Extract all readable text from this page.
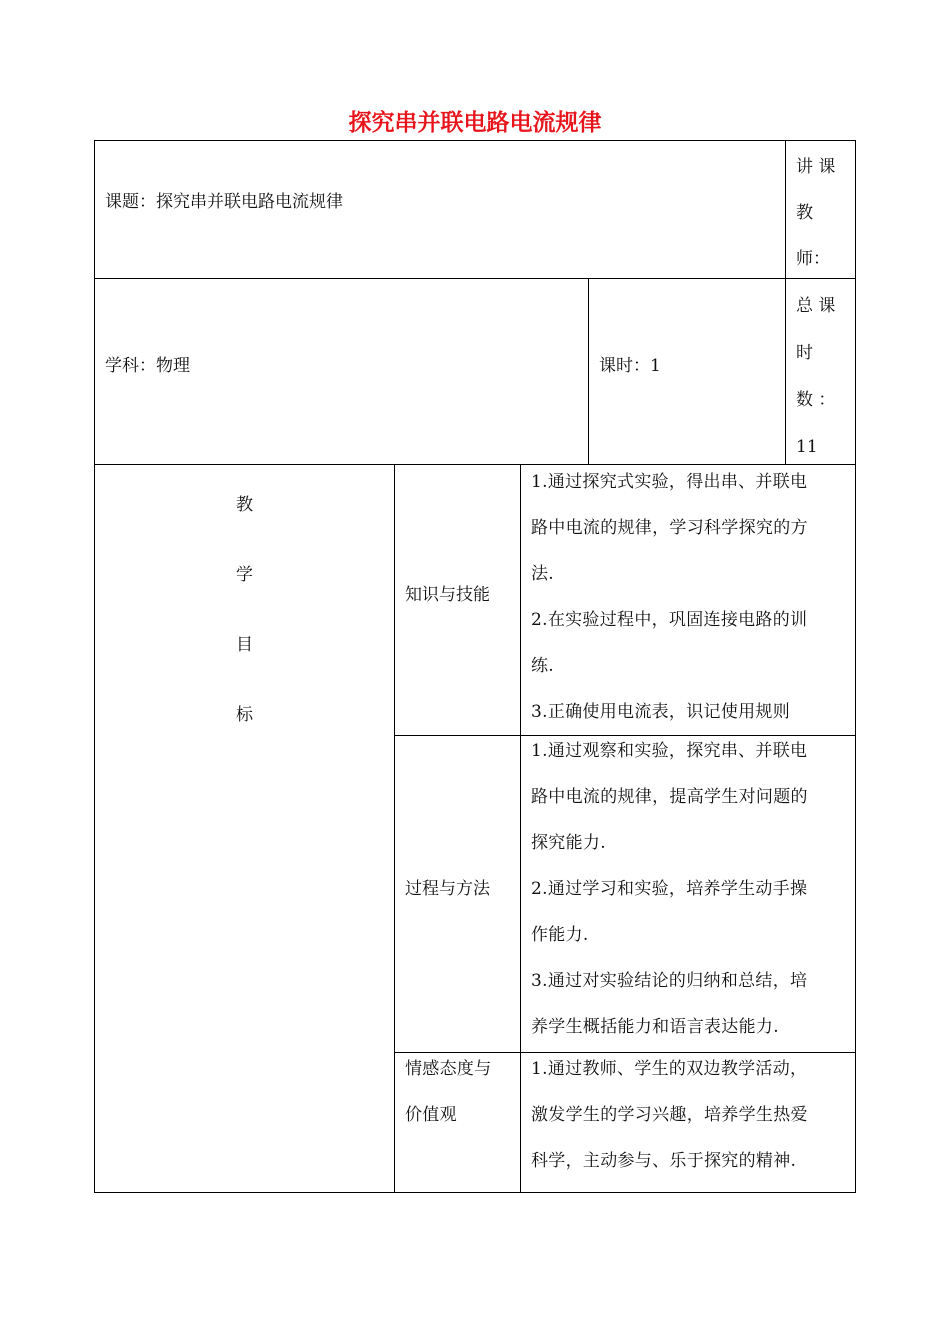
探究串并联电路电流规律
课题：探究串并联电路电流规律
讲 课
教
师：
学科：物理	课时：1
总 课
时
数 ：
11
教
学
目
标
知识与技能
1.通过探究式实验，得出串、并联电
路中电流的规律，学习科学探究的方
法.
2.在实验过程中，巩固连接电路的训
练.
3.正确使用电流表，识记使用规则
过程与方法
1.通过观察和实验，探究串、并联电
路中电流的规律，提高学生对问题的
探究能力.
2.通过学习和实验，培养学生动手操
作能力.
3.通过对实验结论的归纳和总结，培
养学生概括能力和语言表达能力.
情感态度与
价值观
1.通过教师、学生的双边教学活动，
激发学生的学习兴趣，培养学生热爱
科学，主动参与、乐于探究的精神.
